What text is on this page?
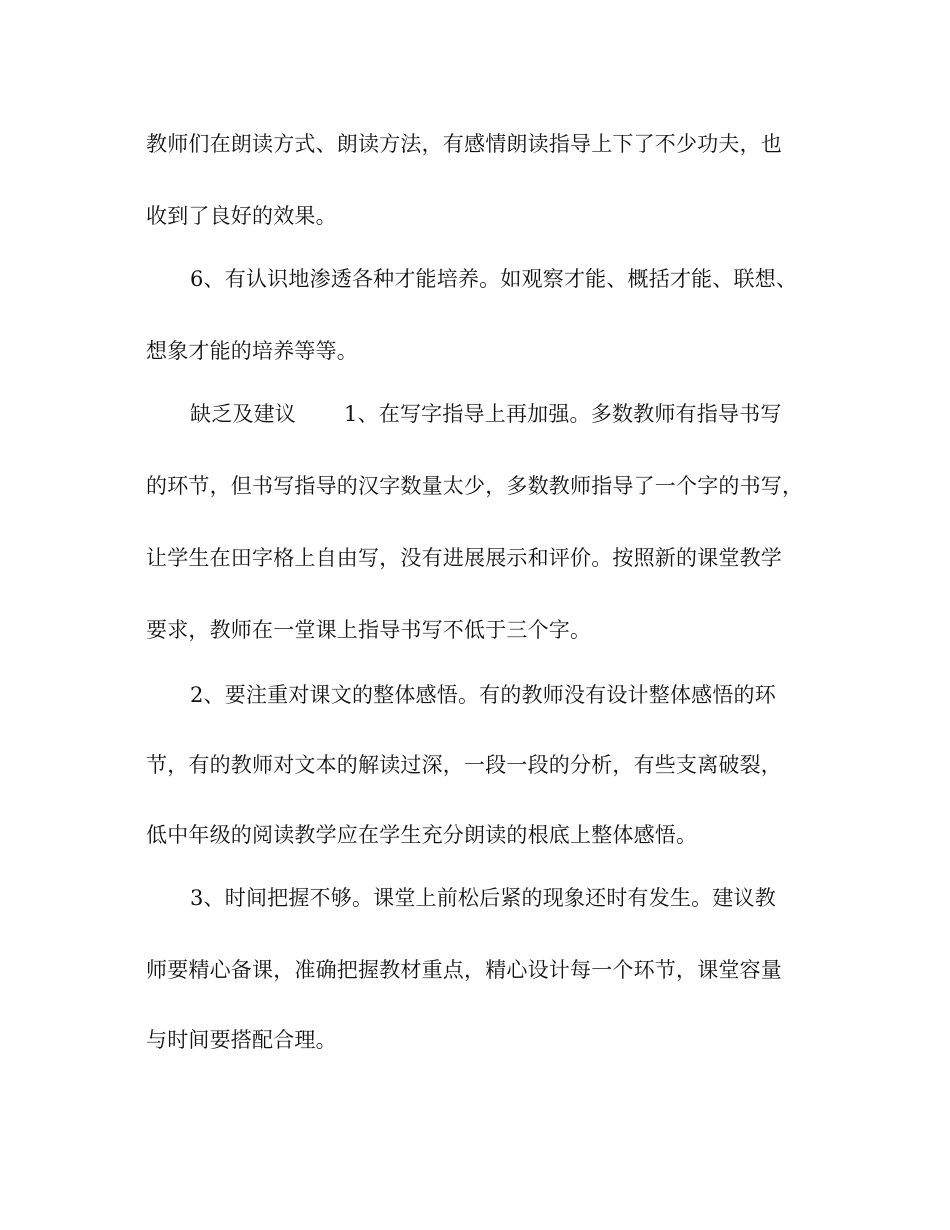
教师们在朗读方式、朗读方法，有感情朗读指导上下了不少功夫，也
收到了良好的效果。
6、有认识地渗透各种才能培养。如观察才能、概括才能、联想、
想象才能的培养等等。
缺乏及建议 1、在写字指导上再加强。多数教师有指导书写
的环节，但书写指导的汉字数量太少，多数教师指导了一个字的书写，
让学生在田字格上自由写，没有进展展示和评价。按照新的课堂教学
要求，教师在一堂课上指导书写不低于三个字。
2、要注重对课文的整体感悟。有的教师没有设计整体感悟的环
节，有的教师对文本的解读过深，一段一段的分析，有些支离破裂，
低中年级的阅读教学应在学生充分朗读的根底上整体感悟。
3、时间把握不够。课堂上前松后紧的现象还时有发生。建议教
师要精心备课，准确把握教材重点，精心设计每一个环节，课堂容量
与时间要搭配合理。
